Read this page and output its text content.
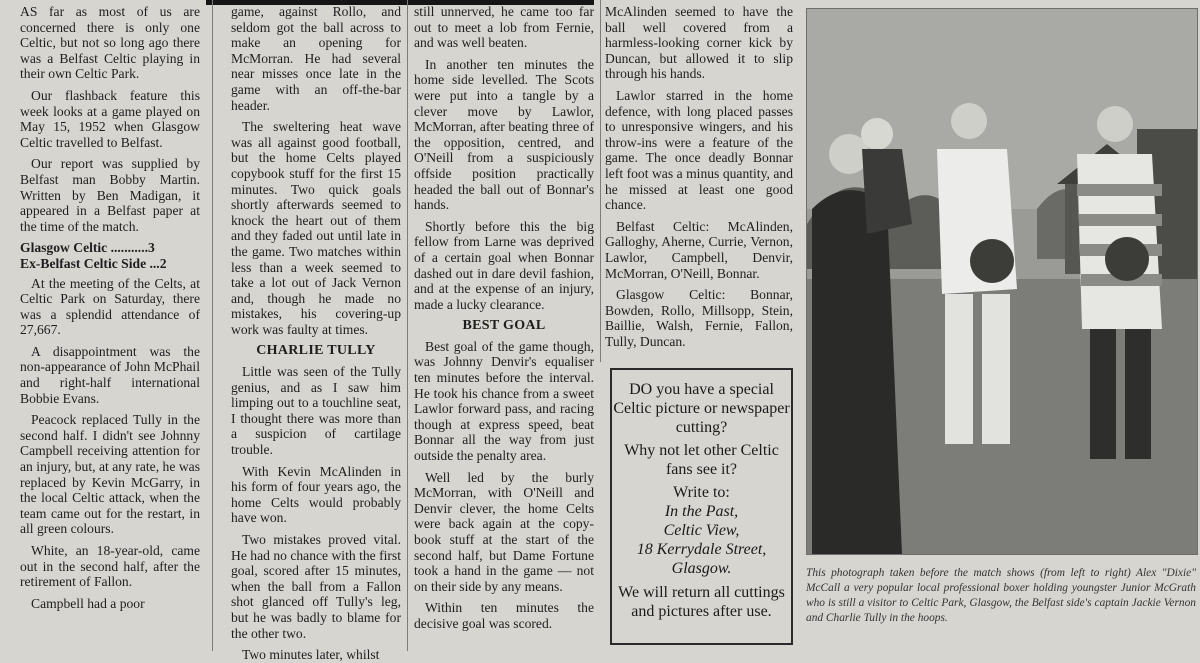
AS far as most of us are concerned there is only one Celtic, but not so long ago there was a Belfast Celtic playing in their own Celtic Park.

Our flashback feature this week looks at a game played on May 15, 1952 when Glasgow Celtic travelled to Belfast.

Our report was supplied by Belfast man Bobby Martin. Written by Ben Madigan, it appeared in a Belfast paper at the time of the match.

Glasgow Celtic ...........3
Ex-Belfast Celtic Side ...2

At the meeting of the Celts, at Celtic Park on Saturday, there was a splendid attendance of 27,667.

A disappointment was the non-appearance of John McPhail and right-half international Bobbie Evans.

Peacock replaced Tully in the second half. I didn't see Johnny Campbell receiving attention for an injury, but, at any rate, he was replaced by Kevin McGarry, in the local Celtic attack, when the team came out for the restart, in all green colours.

White, an 18-year-old, came out in the second half, after the retirement of Fallon.

Campbell had a poor

game, against Rollo, and seldom got the ball across to make an opening for McMorran. He had several near misses once late in the game with an off-the-bar header.

The sweltering heat wave was all against good football, but the home Celts played copybook stuff for the first 15 minutes. Two quick goals shortly afterwards seemed to knock the heart out of them and they faded out until late in the game. Two matches within less than a week seemed to take a lot out of Jack Vernon and, though he made no mistakes, his covering-up work was faulty at times.

CHARLIE TULLY

Little was seen of the Tully genius, and as I saw him limping out to a touchline seat, I thought there was more than a suspicion of cartilage trouble.

With Kevin McAlinden in his form of four years ago, the home Celts would probably have won.

Two mistakes proved vital. He had no chance with the first goal, scored after 15 minutes, when the ball from a Fallon shot glanced off Tully's leg, but he was badly to blame for the other two.

Two minutes later, whilst

still unnerved, he came too far out to meet a lob from Fernie, and was well beaten.

In another ten minutes the home side levelled. The Scots were put into a tangle by a clever move by Lawlor, McMorran, after beating three of the opposition, centred, and O'Neill from a suspiciously offside position practically headed the ball out of Bonnar's hands.

Shortly before this the big fellow from Larne was deprived of a certain goal when Bonnar dashed out in dare devil fashion, and at the expense of an injury, made a lucky clearance.

BEST GOAL

Best goal of the game though, was Johnny Denvir's equaliser ten minutes before the interval. He took his chance from a sweet Lawlor forward pass, and racing though at express speed, beat Bonnar all the way from just outside the penalty area.

Well led by the burly McMorran, with O'Neill and Denvir clever, the home Celts were back again at the copy-book stuff at the start of the second half, but Dame Fortune took a hand in the game — not on their side by any means.

Within ten minutes the decisive goal was scored.

McAlinden seemed to have the ball well covered from a harmless-looking corner kick by Duncan, but allowed it to slip through his hands.

Lawlor starred in the home defence, with long placed passes to unresponsive wingers, and his throw-ins were a feature of the game. The once deadly Bonnar left foot was a minus quantity, and he missed at least one good chance.

Belfast Celtic: McAlinden, Galloghy, Aherne, Currie, Vernon, Lawlor, Campbell, Denvir, McMorran, O'Neill, Bonnar.

Glasgow Celtic: Bonnar, Bowden, Rollo, Millsopp, Stein, Baillie, Walsh, Fernie, Fallon, Tully, Duncan.

DO you have a special Celtic picture or newspaper cutting?

Why not let other Celtic fans see it?

Write to:

In the Past,

Celtic View,

18 Kerrydale Street,

Glasgow.

We will return all cuttings and pictures after use.

This photograph taken before the match shows (from left to right) Alex "Dixie" McCall a very popular local professional boxer holding youngster Junior McGrath who is still a visitor to Celtic Park, Glasgow, the Belfast side's captain Jackie Vernon and Charlie Tully in the hoops.
